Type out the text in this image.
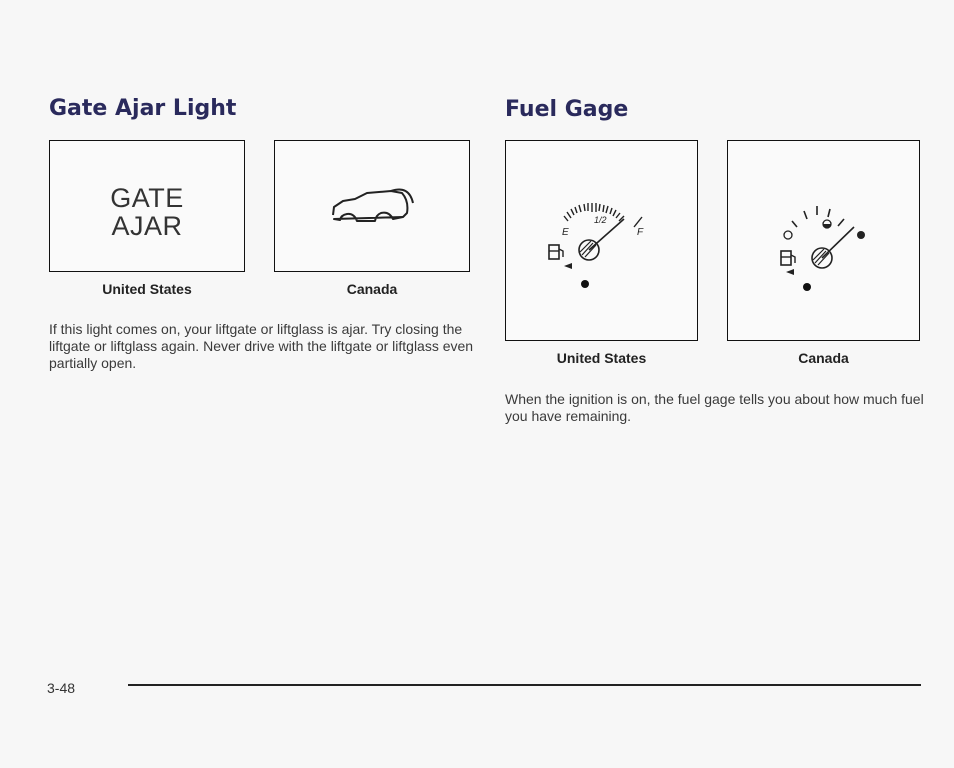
Gate Ajar Light
GATE
AJAR
United States	Canada

If this light comes on, your liftgate or liftglass is ajar. Try closing the liftgate or liftglass again. Never drive with the liftgate or liftglass even partially open.

Fuel Gage
E
1/2
F
United States	Canada

When the ignition is on, the fuel gage tells you about how much fuel you have remaining.

3-48
